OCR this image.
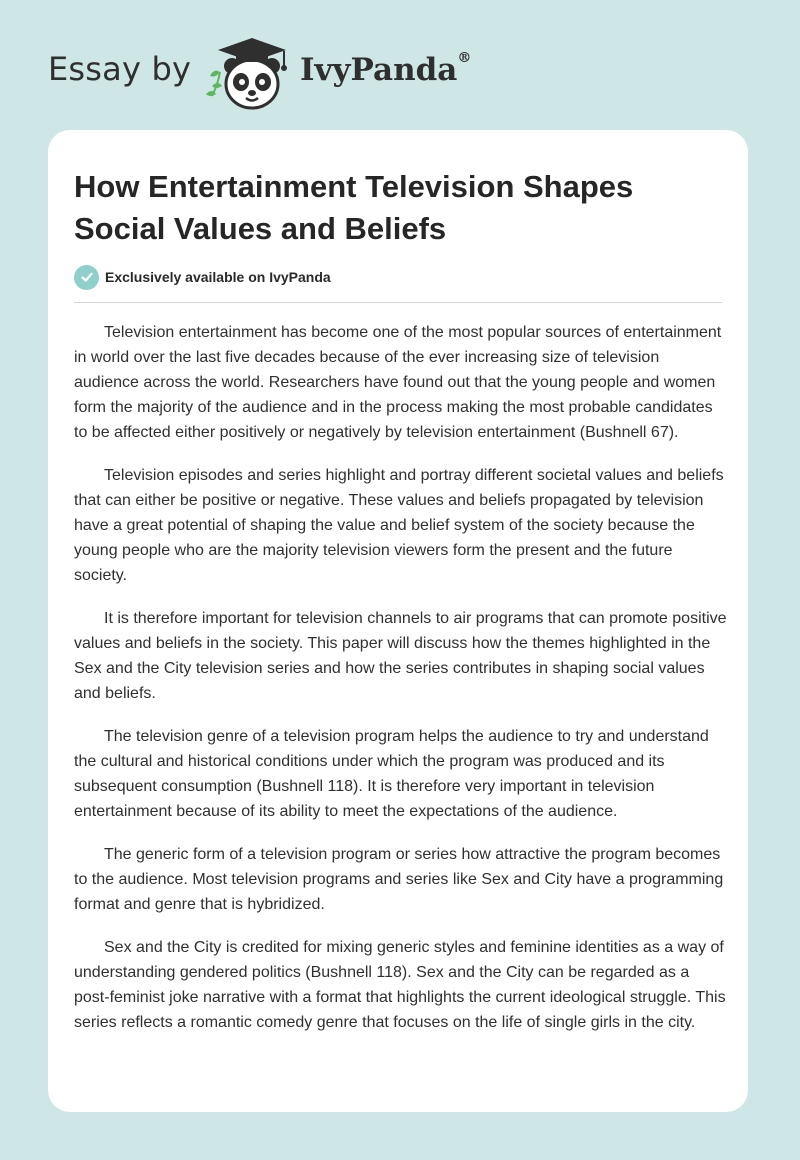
Essay by	IvyPanda®
How Entertainment Television Shapes Social Values and Beliefs
Exclusively available on IvyPanda

Television entertainment has become one of the most popular sources of entertainment in world over the last five decades because of the ever increasing size of television audience across the world. Researchers have found out that the young people and women form the majority of the audience and in the process making the most probable candidates to be affected either positively or negatively by television entertainment (Bushnell 67).

Television episodes and series highlight and portray different societal values and beliefs that can either be positive or negative. These values and beliefs propagated by television have a great potential of shaping the value and belief system of the society because the young people who are the majority television viewers form the present and the future society.

It is therefore important for television channels to air programs that can promote positive values and beliefs in the society. This paper will discuss how the themes highlighted in the Sex and the City television series and how the series contributes in shaping social values and beliefs.

The television genre of a television program helps the audience to try and understand the cultural and historical conditions under which the program was produced and its subsequent consumption (Bushnell 118). It is therefore very important in television entertainment because of its ability to meet the expectations of the audience.

The generic form of a television program or series how attractive the program becomes to the audience. Most television programs and series like Sex and City have a programming format and genre that is hybridized.

Sex and the City is credited for mixing generic styles and feminine identities as a way of understanding gendered politics (Bushnell 118). Sex and the City can be regarded as a post-feminist joke narrative with a format that highlights the current ideological struggle. This series reflects a romantic comedy genre that focuses on the life of single girls in the city.
